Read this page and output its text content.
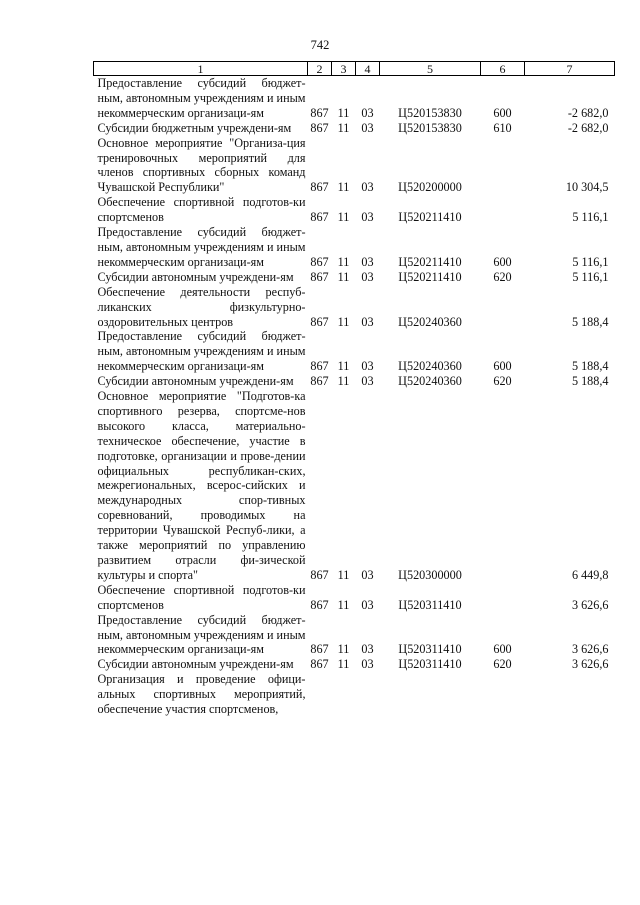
742
1	2	3	4	5	6	7
Предоставление субсидий бюджет-ным, автономным учреждениям и иным некоммерческим организаци-ям	867	11	03	Ц520153830	600	-2 682,0
Субсидии бюджетным учреждени-ям	867	11	03	Ц520153830	610	-2 682,0
Основное мероприятие "Организа-ция тренировочных мероприятий для членов спортивных сборных команд Чувашской Республики"	867	11	03	Ц520200000		10 304,5
Обеспечение спортивной подготов-ки спортсменов	867	11	03	Ц520211410		5 116,1
Предоставление субсидий бюджет-ным, автономным учреждениям и иным некоммерческим организаци-ям	867	11	03	Ц520211410	600	5 116,1
Субсидии автономным учреждени-ям	867	11	03	Ц520211410	620	5 116,1
Обеспечение деятельности респуб-ликанских физкультурно-оздоровительных центров	867	11	03	Ц520240360		5 188,4
Предоставление субсидий бюджет-ным, автономным учреждениям и иным некоммерческим организаци-ям	867	11	03	Ц520240360	600	5 188,4
Субсидии автономным учреждени-ям	867	11	03	Ц520240360	620	5 188,4
Основное мероприятие "Подготов-ка спортивного резерва, спортсме-нов высокого класса, материально-техническое обеспечение, участие в подготовке, организации и прове-дении официальных республикан-ских, межрегиональных, всерос-сийских и международных спор-тивных соревнований, проводимых на территории Чувашской Респуб-лики, а также мероприятий по управлению развитием отрасли фи-зической культуры и спорта"	867	11	03	Ц520300000		6 449,8
Обеспечение спортивной подготов-ки спортсменов	867	11	03	Ц520311410		3 626,6
Предоставление субсидий бюджет-ным, автономным учреждениям и иным некоммерческим организаци-ям	867	11	03	Ц520311410	600	3 626,6
Субсидии автономным учреждени-ям	867	11	03	Ц520311410	620	3 626,6
Организация и проведение офици-альных спортивных мероприятий, обеспечение участия спортсменов,						
